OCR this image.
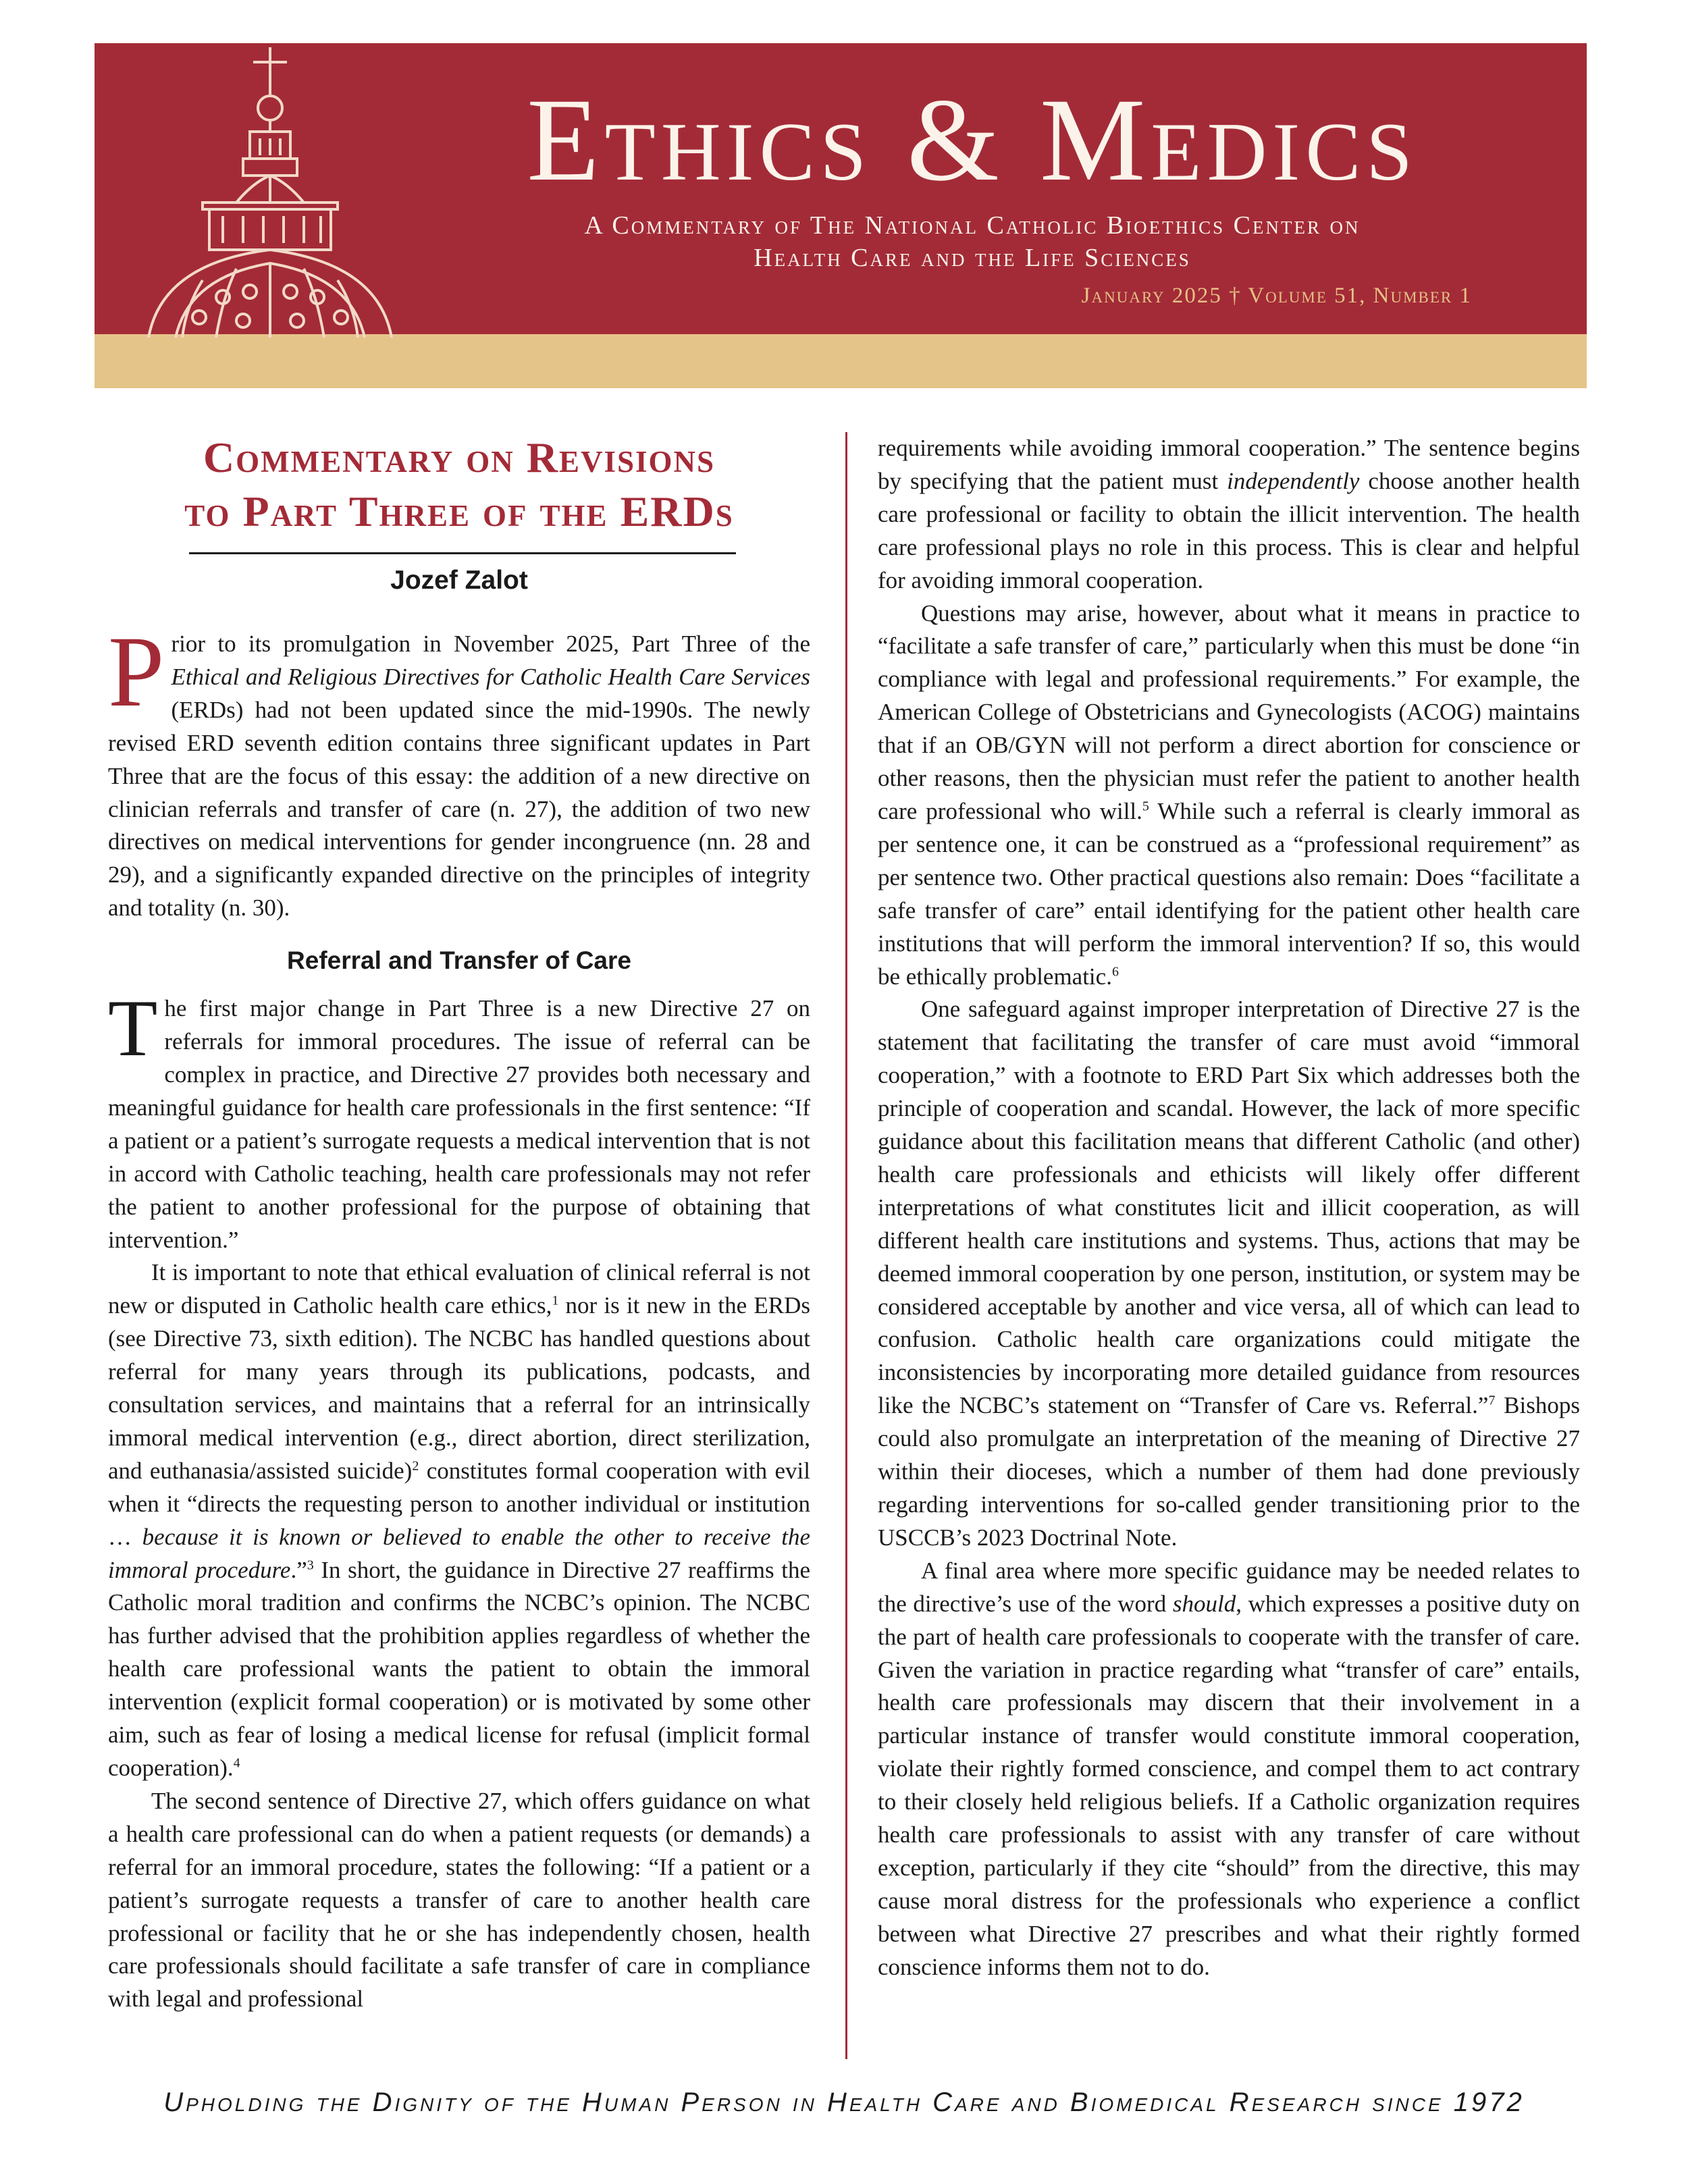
Ethics & Medics
A Commentary of The National Catholic Bioethics Center on
Health Care and the Life Sciences
January 2025 † Volume 51, Number 1
Commentary on Revisions
to Part Three of the ERDs
Jozef Zalot

Prior to its promulgation in November 2025, Part Three of the Ethical and Religious Directives for Catholic Health Care Services (ERDs) had not been updated since the mid-1990s. The newly revised ERD seventh edition contains three significant updates in Part Three that are the focus of this essay: the addition of a new directive on clinician referrals and transfer of care (n. 27), the addition of two new directives on medical interventions for gender incongruence (nn. 28 and 29), and a significantly expanded directive on the principles of integrity and totality (n. 30).

Referral and Transfer of Care

The first major change in Part Three is a new Directive 27 on referrals for immoral procedures. The issue of referral can be complex in practice, and Directive 27 provides both necessary and meaningful guidance for health care professionals in the first sentence: “If a patient or a patient’s surrogate requests a medical intervention that is not in accord with Catholic teaching, health care professionals may not refer the patient to another professional for the purpose of obtaining that intervention.”

It is important to note that ethical evaluation of clinical referral is not new or disputed in Catholic health care ethics,$^1$ nor is it new in the ERDs (see Directive 73, sixth edition). The NCBC has handled questions about referral for many years through its publications, podcasts, and consultation services, and maintains that a referral for an intrinsically immoral medical intervention (e.g., direct abortion, direct sterilization, and euthanasia/assisted suicide)$^2$ constitutes formal cooperation with evil when it “directs the requesting person to another individual or institution … because it is known or believed to enable the other to receive the immoral procedure.”$^3$ In short, the guidance in Directive 27 reaffirms the Catholic moral tradition and confirms the NCBC’s opinion. The NCBC has further advised that the prohibition applies regardless of whether the health care professional wants the patient to obtain the immoral intervention (explicit formal cooperation) or is motivated by some other aim, such as fear of losing a medical license for refusal (implicit formal cooperation).$^4$

The second sentence of Directive 27, which offers guidance on what a health care professional can do when a patient requests (or demands) a referral for an immoral procedure, states the following: “If a patient or a patient’s surrogate requests a transfer of care to another health care professional or facility that he or she has independently chosen, health care professionals should facilitate a safe transfer of care in compliance with legal and professional

requirements while avoiding immoral cooperation.” The sentence begins by specifying that the patient must independently choose another health care professional or facility to obtain the illicit intervention. The health care professional plays no role in this process. This is clear and helpful for avoiding immoral cooperation.

Questions may arise, however, about what it means in practice to “facilitate a safe transfer of care,” particularly when this must be done “in compliance with legal and professional requirements.” For example, the American College of Obstetricians and Gynecologists (ACOG) maintains that if an OB/GYN will not perform a direct abortion for conscience or other reasons, then the physician must refer the patient to another health care professional who will.$^5$ While such a referral is clearly immoral as per sentence one, it can be construed as a “professional requirement” as per sentence two. Other practical questions also remain: Does “facilitate a safe transfer of care” entail identifying for the patient other health care institutions that will perform the immoral intervention? If so, this would be ethically problematic.$^6$

One safeguard against improper interpretation of Directive 27 is the statement that facilitating the transfer of care must avoid “immoral cooperation,” with a footnote to ERD Part Six which addresses both the principle of cooperation and scandal. However, the lack of more specific guidance about this facilitation means that different Catholic (and other) health care professionals and ethicists will likely offer different interpretations of what constitutes licit and illicit cooperation, as will different health care institutions and systems. Thus, actions that may be deemed immoral cooperation by one person, institution, or system may be considered acceptable by another and vice versa, all of which can lead to confusion. Catholic health care organizations could mitigate the inconsistencies by incorporating more detailed guidance from resources like the NCBC’s statement on “Transfer of Care vs. Referral.”$^7$ Bishops could also promulgate an interpretation of the meaning of Directive 27 within their dioceses, which a number of them had done previously regarding interventions for so-called gender transitioning prior to the USCCB’s 2023 Doctrinal Note.

A final area where more specific guidance may be needed relates to the directive’s use of the word should, which expresses a positive duty on the part of health care professionals to cooperate with the transfer of care. Given the variation in practice regarding what “transfer of care” entails, health care professionals may discern that their involvement in a particular instance of transfer would constitute immoral cooperation, violate their rightly formed conscience, and compel them to act contrary to their closely held religious beliefs. If a Catholic organization requires health care professionals to assist with any transfer of care without exception, particularly if they cite “should” from the directive, this may cause moral distress for the professionals who experience a conflict between what Directive 27 prescribes and what their rightly formed conscience informs them not to do.

Upholding the Dignity of the Human Person in Health Care and Biomedical Research since 1972
